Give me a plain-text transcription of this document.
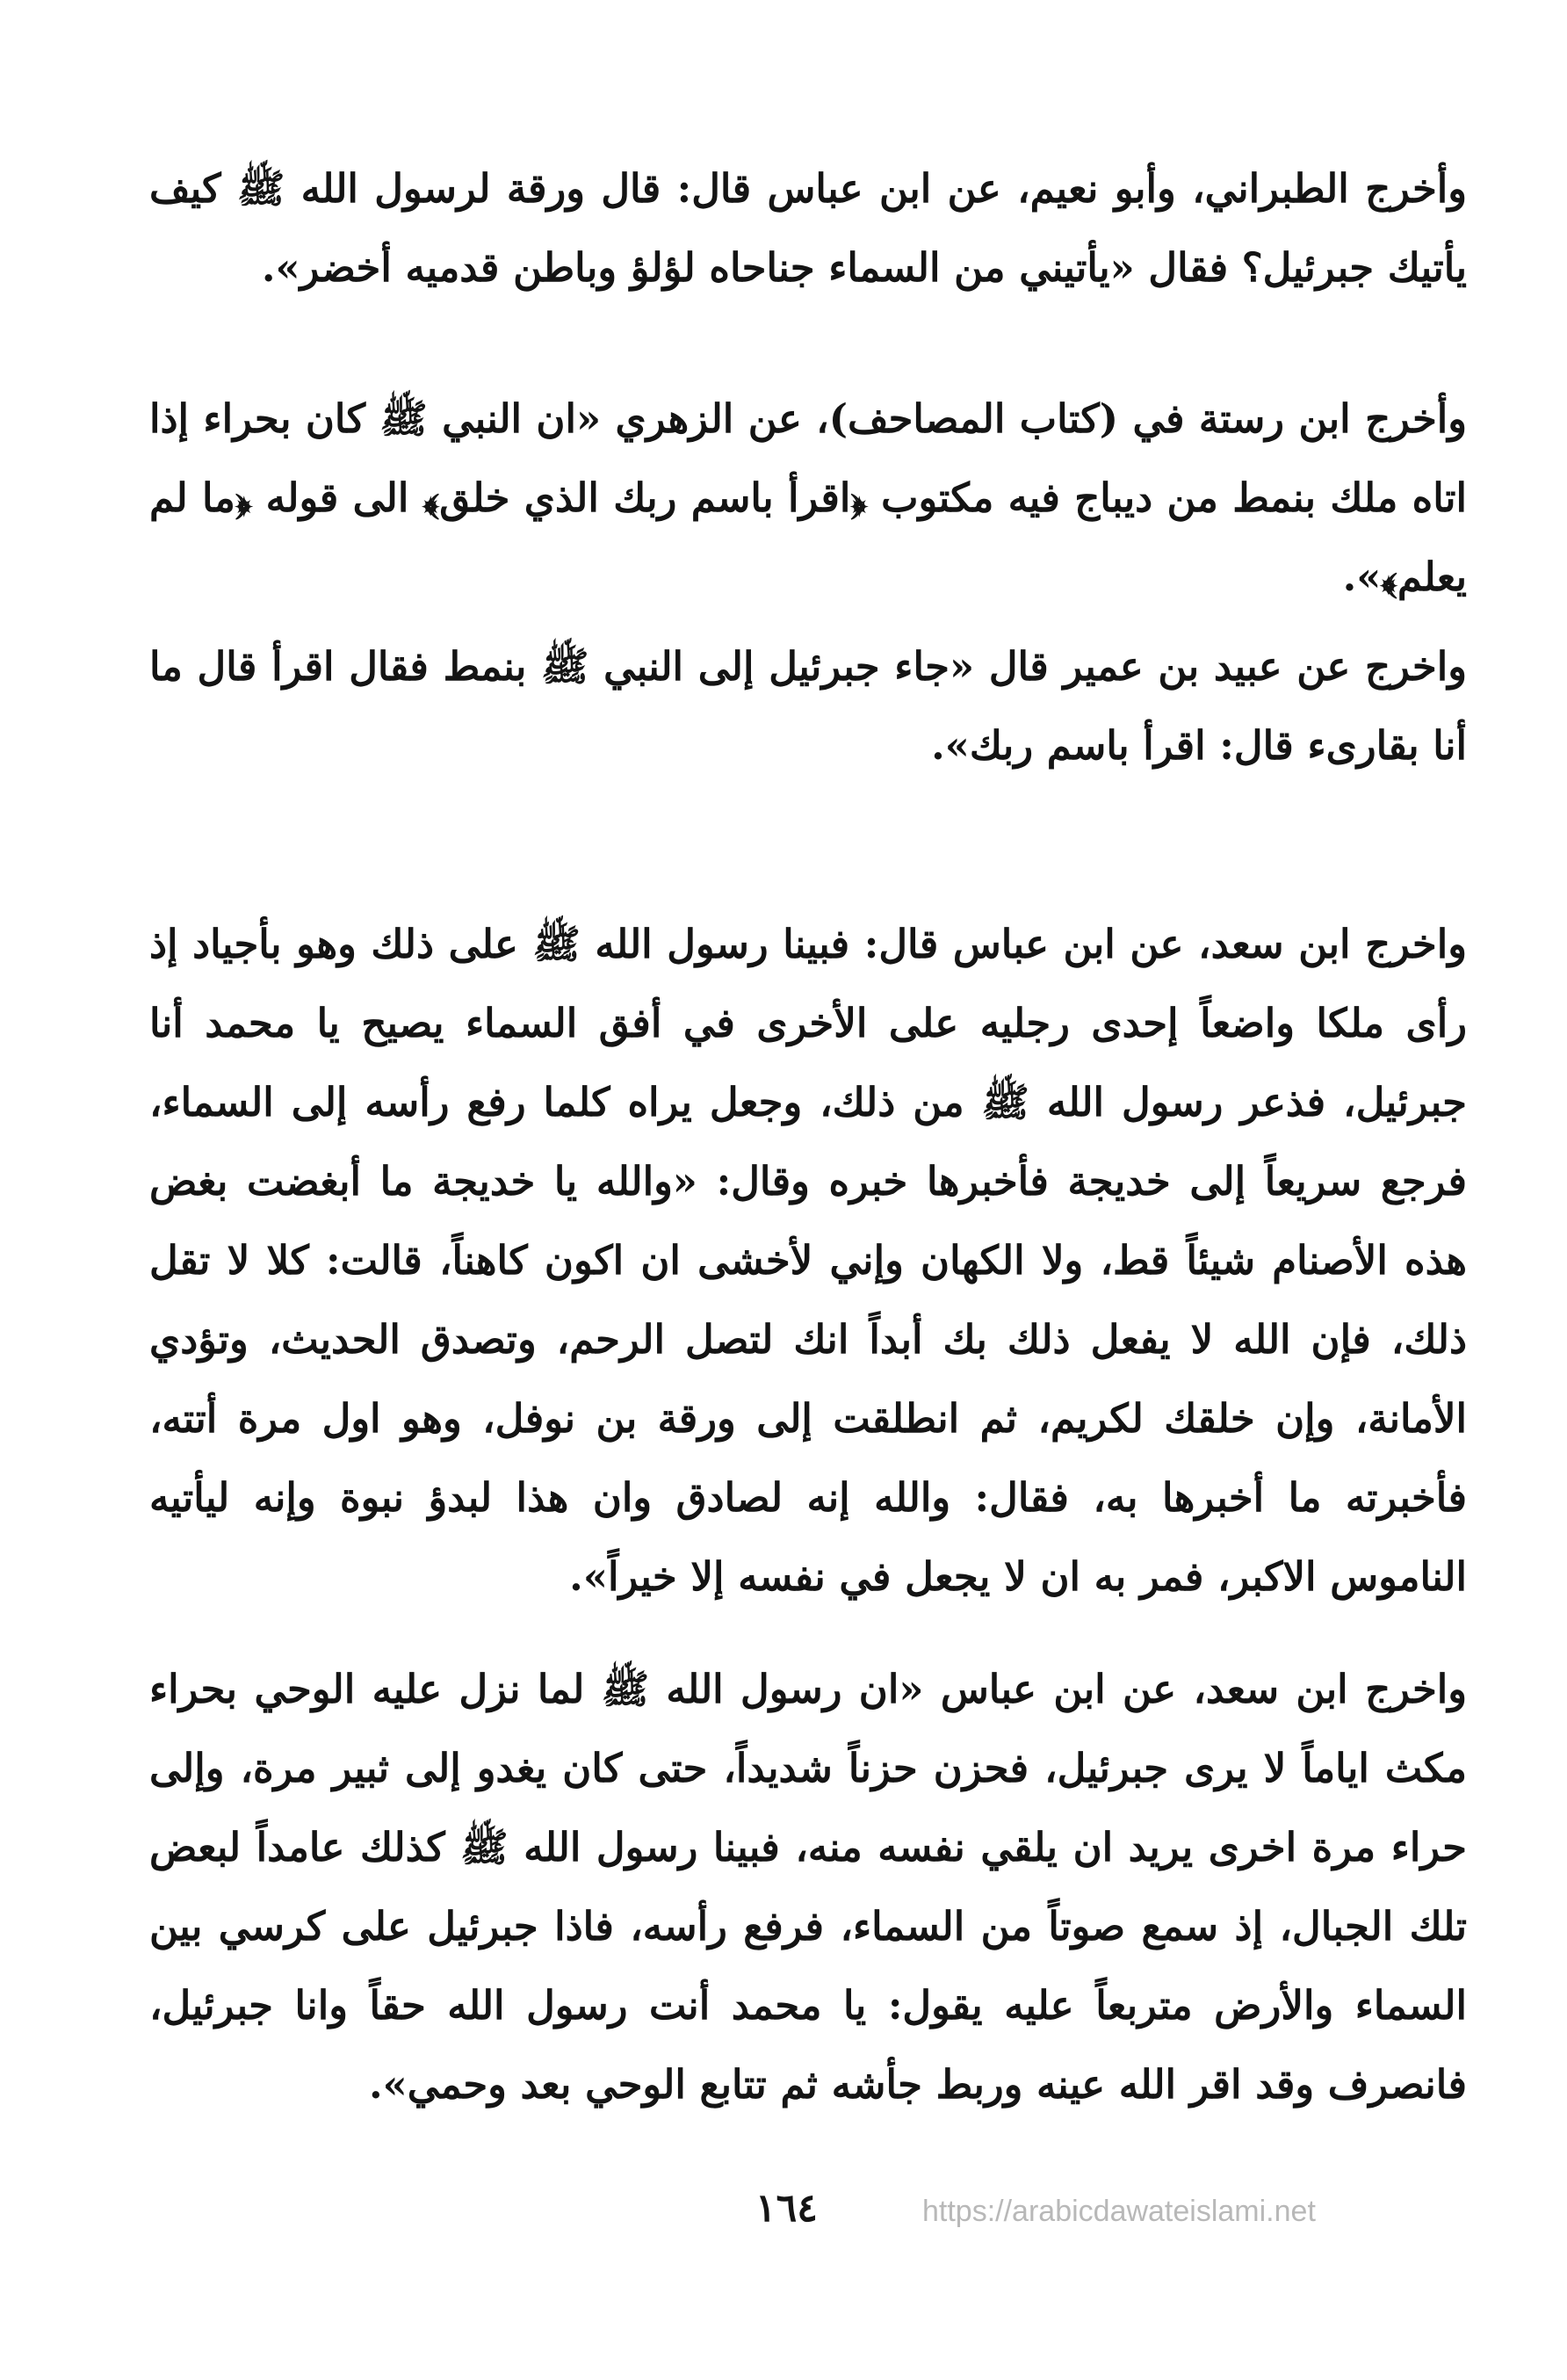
وأخرج الطبراني، وأبو نعيم، عن ابن عباس قال: قال ورقة لرسول الله ﷺ كيف يأتيك جبرئيل؟ فقال «يأتيني من السماء جناحاه لؤلؤ وباطن قدميه أخضر».

وأخرج ابن رستة في (كتاب المصاحف)، عن الزهري «ان النبي ﷺ كان بحراء إذا اتاه ملك بنمط من ديباج فيه مكتوب ﴿اقرأ باسم ربك الذي خلق﴾ الى قوله ﴿ما لم يعلم﴾».

واخرج عن عبيد بن عمير قال «جاء جبرئيل إلى النبي ﷺ بنمط فقال اقرأ قال ما أنا بقارىء قال: اقرأ باسم ربك».

واخرج ابن سعد، عن ابن عباس قال: فبينا رسول الله ﷺ على ذلك وهو بأجياد إذ رأى ملكا واضعاً إحدى رجليه على الأخرى في أفق السماء يصيح يا محمد أنا جبرئيل، فذعر رسول الله ﷺ من ذلك، وجعل يراه كلما رفع رأسه إلى السماء، فرجع سريعاً إلى خديجة فأخبرها خبره وقال: «والله يا خديجة ما أبغضت بغض هذه الأصنام شيئاً قط، ولا الكهان وإني لأخشى ان اكون كاهناً، قالت: كلا لا تقل ذلك، فإن الله لا يفعل ذلك بك أبداً انك لتصل الرحم، وتصدق الحديث، وتؤدي الأمانة، وإن خلقك لكريم، ثم انطلقت إلى ورقة بن نوفل، وهو اول مرة أتته، فأخبرته ما أخبرها به، فقال: والله إنه لصادق وان هذا لبدؤ نبوة وإنه ليأتيه الناموس الاكبر، فمر به ان لا يجعل في نفسه إلا خيراً».

واخرج ابن سعد، عن ابن عباس «ان رسول الله ﷺ لما نزل عليه الوحي بحراء مكث اياماً لا يرى جبرئيل، فحزن حزناً شديداً، حتى كان يغدو إلى ثبير مرة، وإلى حراء مرة اخرى يريد ان يلقي نفسه منه، فبينا رسول الله ﷺ كذلك عامداً لبعض تلك الجبال، إذ سمع صوتاً من السماء، فرفع رأسه، فاذا جبرئيل على كرسي بين السماء والأرض متربعاً عليه يقول: يا محمد أنت رسول الله حقاً وانا جبرئيل، فانصرف وقد اقر الله عينه وربط جأشه ثم تتابع الوحي بعد وحمي».

١٦٤	https://arabicdawateislami.net
